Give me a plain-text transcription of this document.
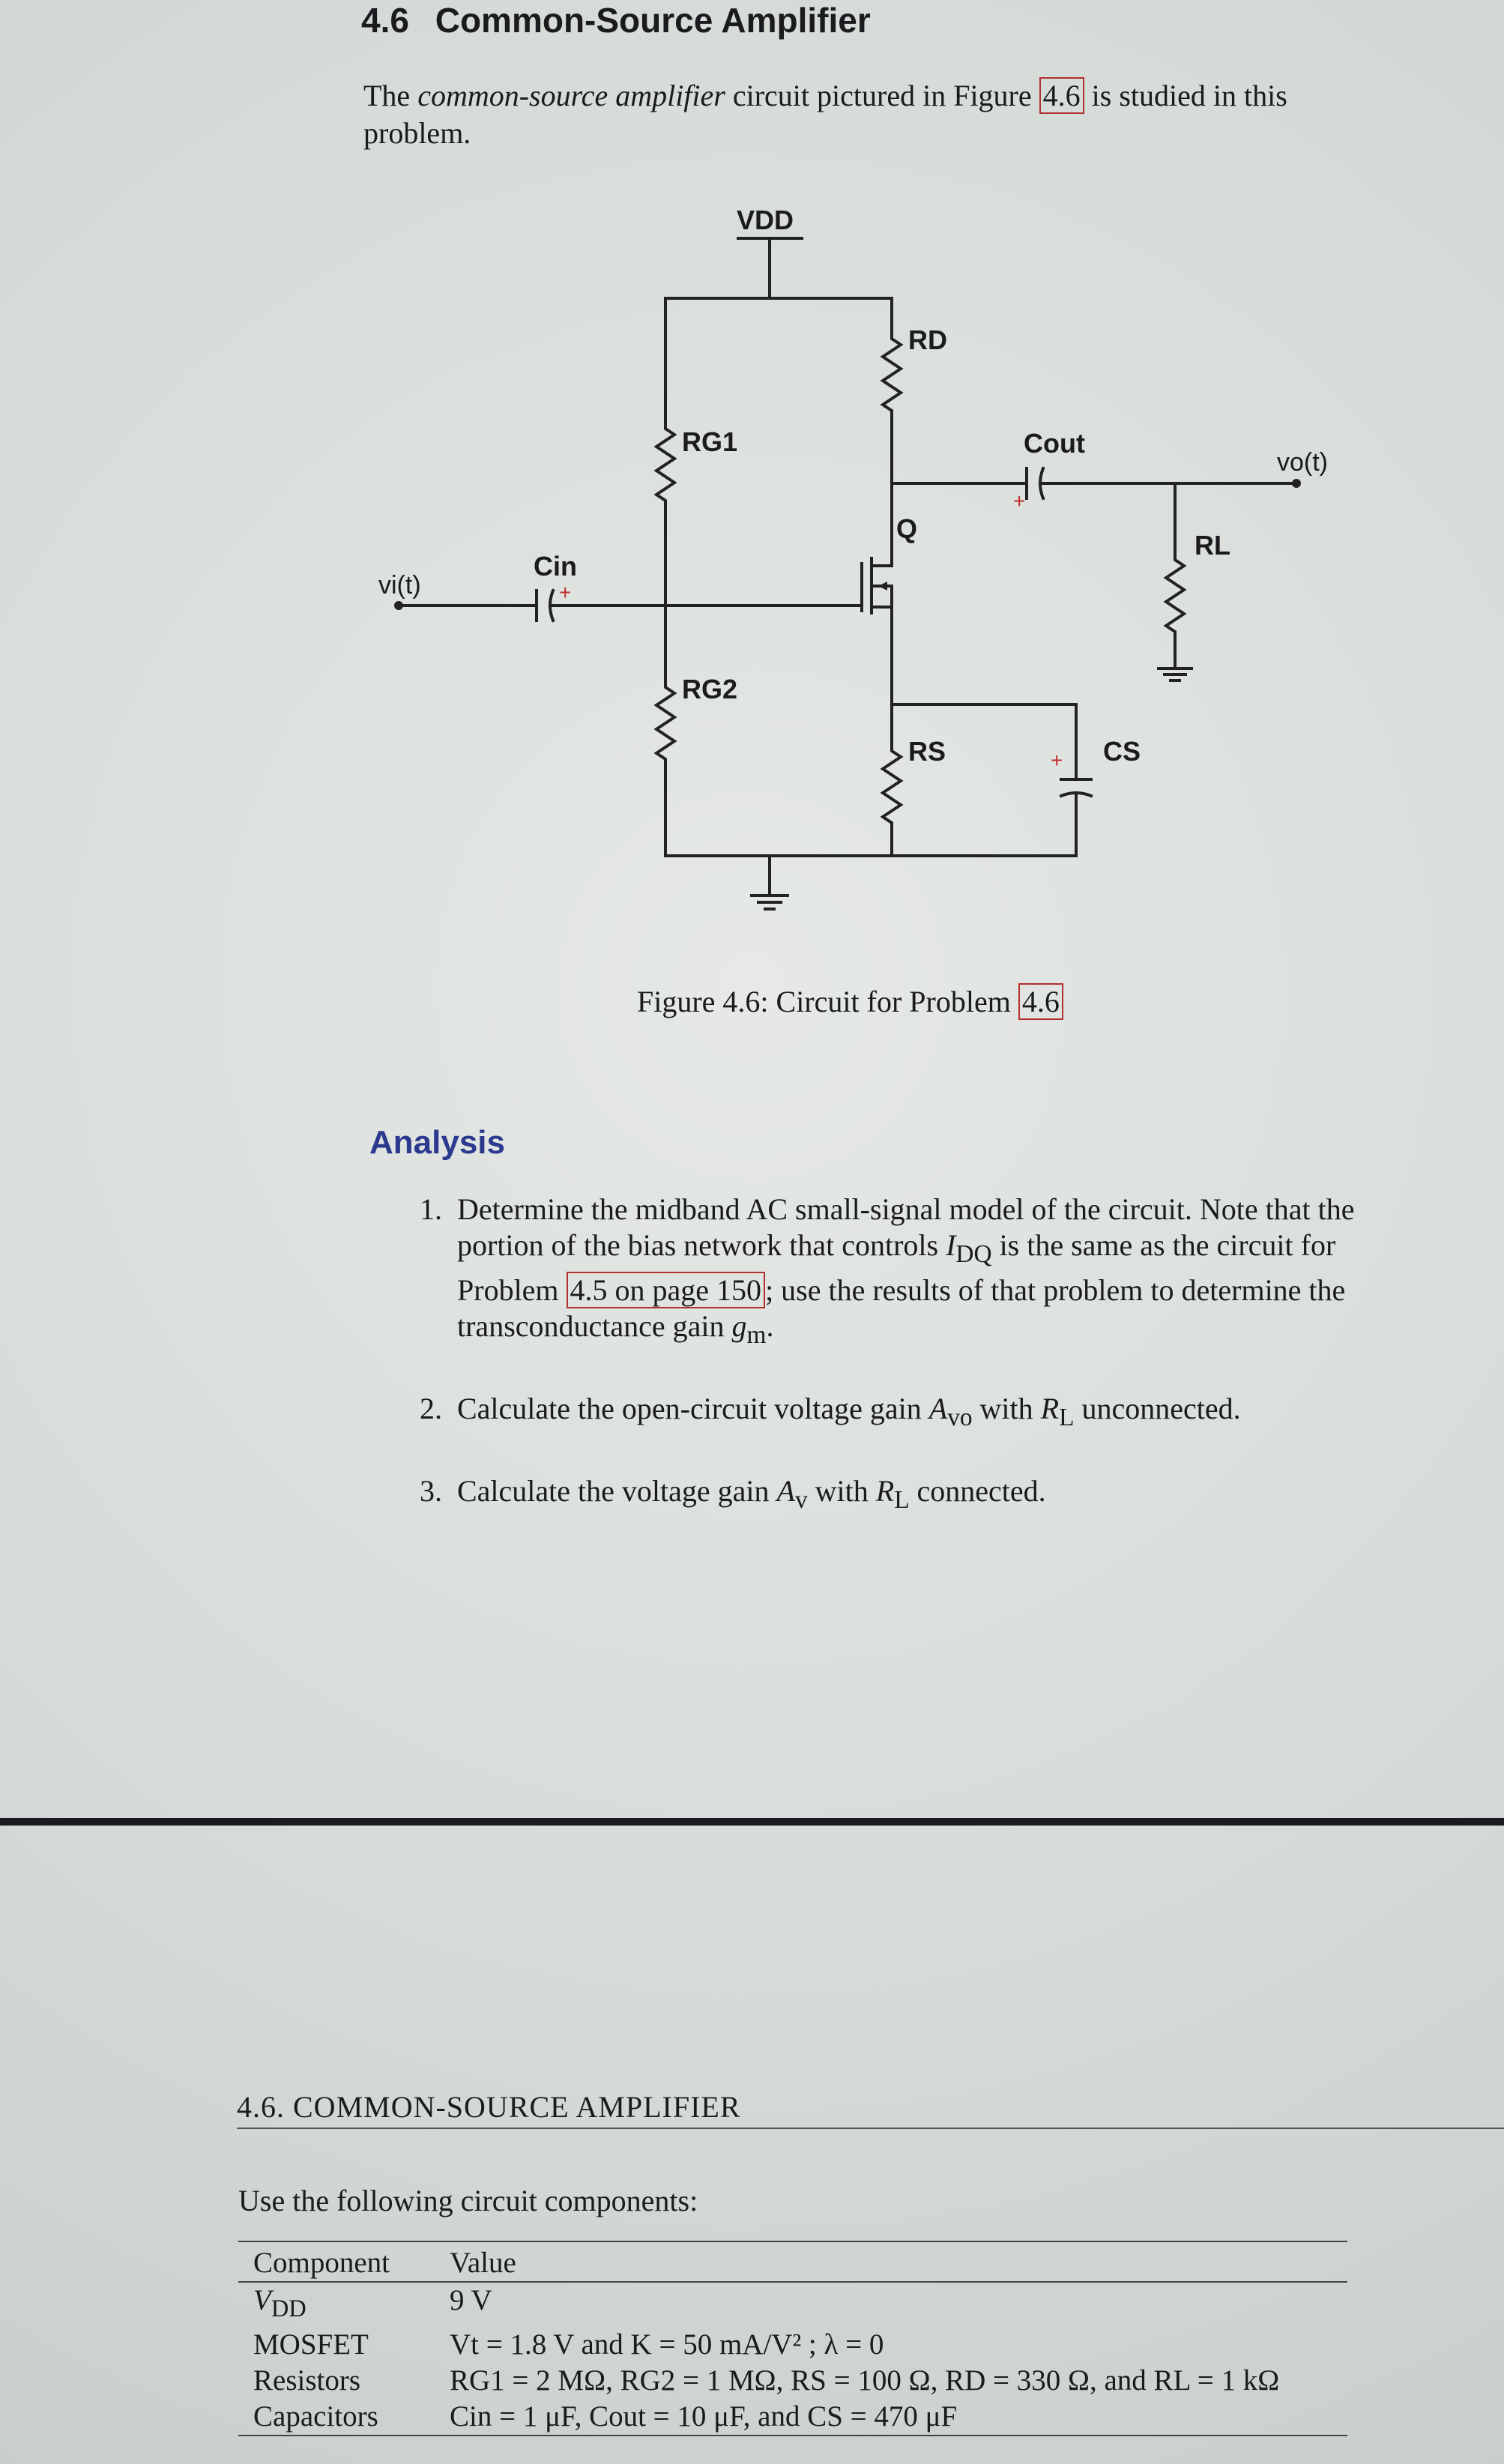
4.6 Common-Source Amplifier
The common-source amplifier circuit pictured in Figure 4.6 is studied in this problem.
VDD
RD
RG1	Cout
vo(t)
Q
RL
vi(t)
Cin
RG2
RS	CS
+
+
+
Figure 4.6: Circuit for Problem 4.6
Analysis
1. Determine the midband AC small-signal model of the circuit. Note that the portion of the bias network that controls $I_{DQ}$ is the same as the circuit for Problem 4.5 on page 150 ; use the results of that problem to determine the transconductance gain $g_m$.
2. Calculate the open-circuit voltage gain $A_{vo}$ with $R_L$ unconnected.
3. Calculate the voltage gain $A_v$ with $R_L$ connected.
4.6. COMMON-SOURCE AMPLIFIER
Use the following circuit components:
Component	Value
$V_{DD}$	9 V
MOSFET	Vt = 1.8 V and K = 50 mA/V² ; λ = 0
Resistors	RG1 = 2 MΩ, RG2 = 1 MΩ, RS = 100 Ω, RD = 330 Ω, and RL = 1 kΩ
Capacitors	Cin = 1 μF, Cout = 10 μF, and CS = 470 μF
